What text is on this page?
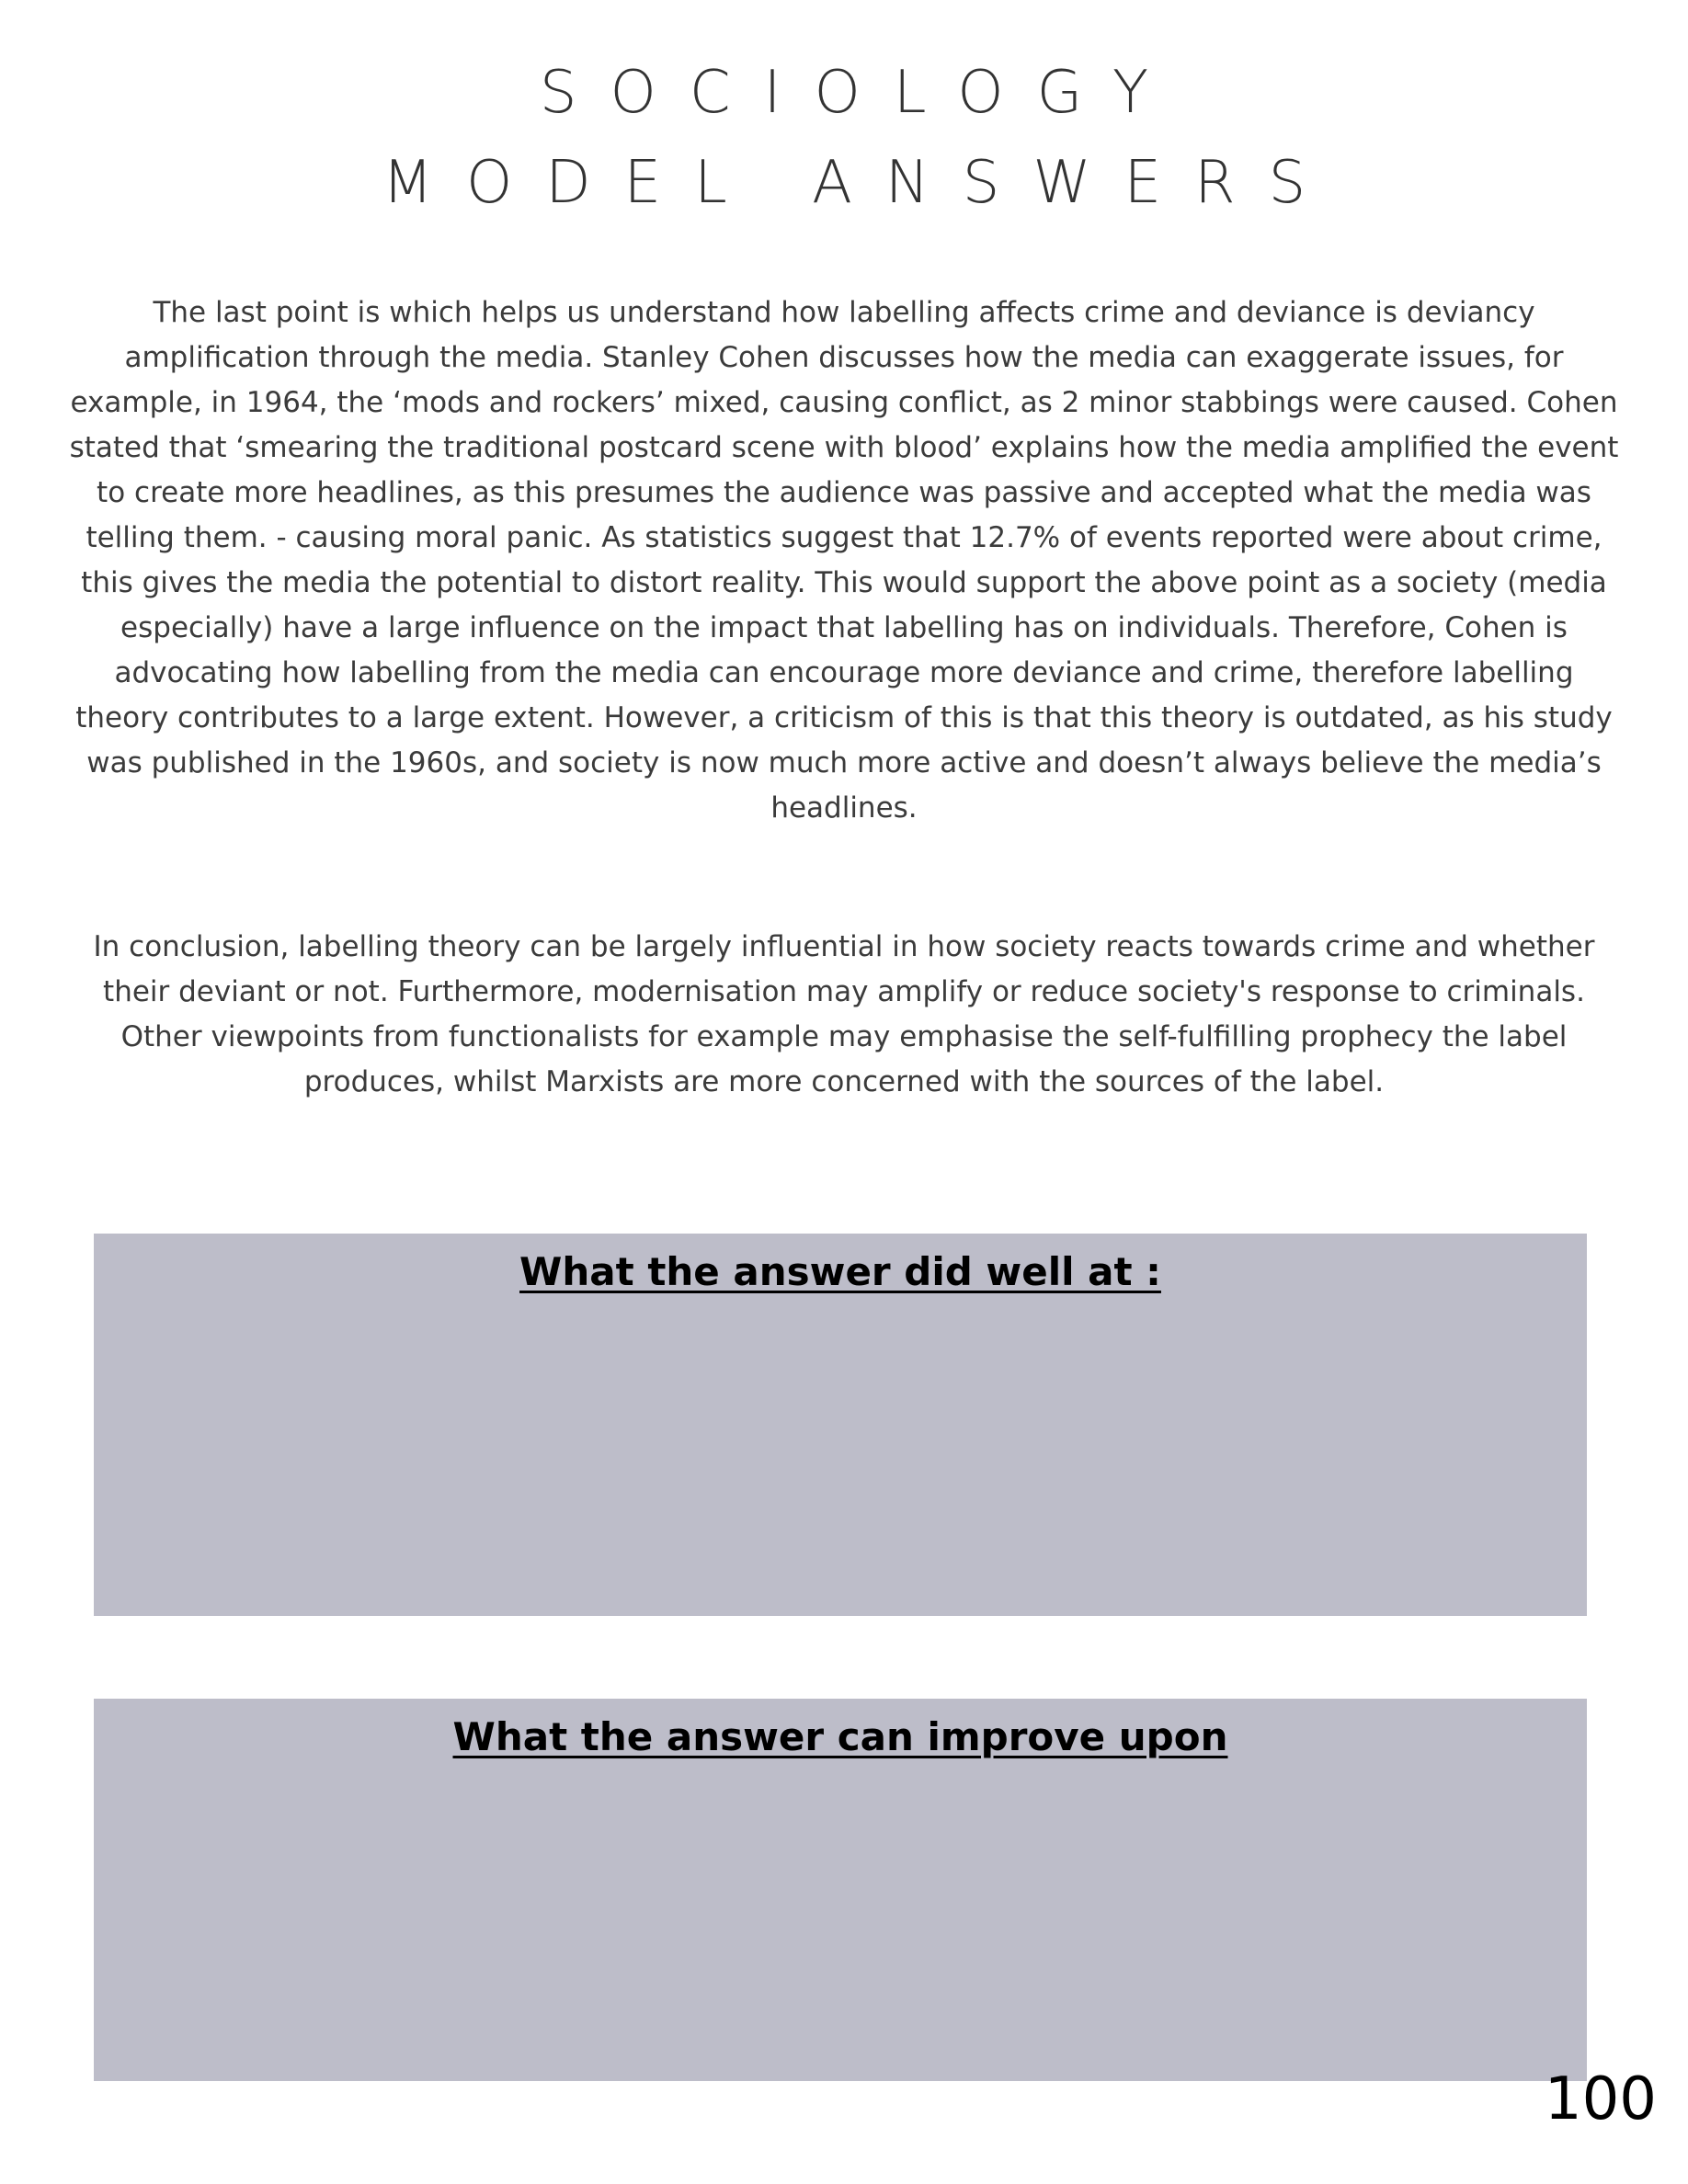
SOCIOLOGY
MODEL ANSWERS

The last point is which helps us understand how labelling affects crime and deviance is deviancy amplification through the media. Stanley Cohen discusses how the media can exaggerate issues, for example, in 1964, the ‘mods and rockers’ mixed, causing conflict, as 2 minor stabbings were caused. Cohen stated that ‘smearing the traditional postcard scene with blood’ explains how the media amplified the event to create more headlines, as this presumes the audience was passive and accepted what the media was telling them. - causing moral panic. As statistics suggest that 12.7% of events reported were about crime, this gives the media the potential to distort reality. This would support the above point as a society (media especially) have a large influence on the impact that labelling has on individuals. Therefore, Cohen is advocating how labelling from the media can encourage more deviance and crime, therefore labelling theory contributes to a large extent. However, a criticism of this is that this theory is outdated, as his study was published in the 1960s, and society is now much more active and doesn’t always believe the media’s headlines.

In conclusion, labelling theory can be largely influential in how society reacts towards crime and whether their deviant or not. Furthermore, modernisation may amplify or reduce society's response to criminals. Other viewpoints from functionalists for example may emphasise the self-fulfilling prophecy the label produces, whilst Marxists are more concerned with the sources of the label.

What the answer did well at :
What the answer can improve upon
100
